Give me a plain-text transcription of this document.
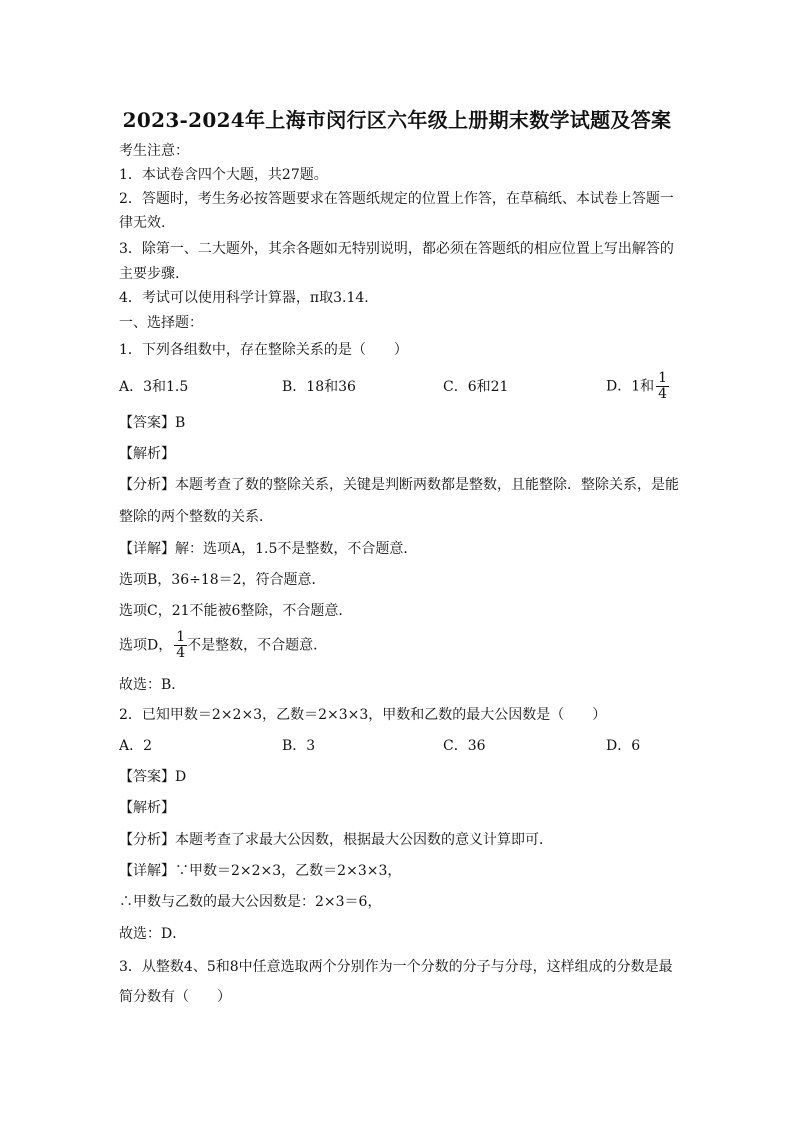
2023-2024年上海市闵行区六年级上册期末数学试题及答案
考生注意：
1．本试卷含四个大题，共27题。
2．答题时，考生务必按答题要求在答题纸规定的位置上作答，在草稿纸、本试卷上答题一
律无效.
3．除第一、二大题外，其余各题如无特别说明，都必须在答题纸的相应位置上写出解答的
主要步骤.
4．考试可以使用科学计算器，π取3.14.
一、选择题：
1．下列各组数中，存在整除关系的是（　　）
A．3和1.5	B．18和36	C．6和21	D．1和 $\frac{1}{4}$
【答案】B
【解析】
【分析】本题考查了数的整除关系，关键是判断两数都是整数，且能整除．整除关系，是能
整除的两个整数的关系．
【详解】解：选项A，1.5不是整数，不合题意．
选项B，36÷18＝2，符合题意．
选项C，21不能被6整除，不合题意．
选项D， $\frac{1}{4}$ 不是整数，不合题意．
故选：B．
2．已知甲数＝2×2×3，乙数＝2×3×3，甲数和乙数的最大公因数是（　　）
A．2	B．3	C．36	D．6
【答案】D
【解析】
【分析】本题考查了求最大公因数，根据最大公因数的意义计算即可．
【详解】∵甲数＝2×2×3，乙数＝2×3×3，
∴甲数与乙数的最大公因数是：2×3＝6，
故选：D．
3．从整数4、5和8中任意选取两个分别作为一个分数的分子与分母，这样组成的分数是最
简分数有（　　）
